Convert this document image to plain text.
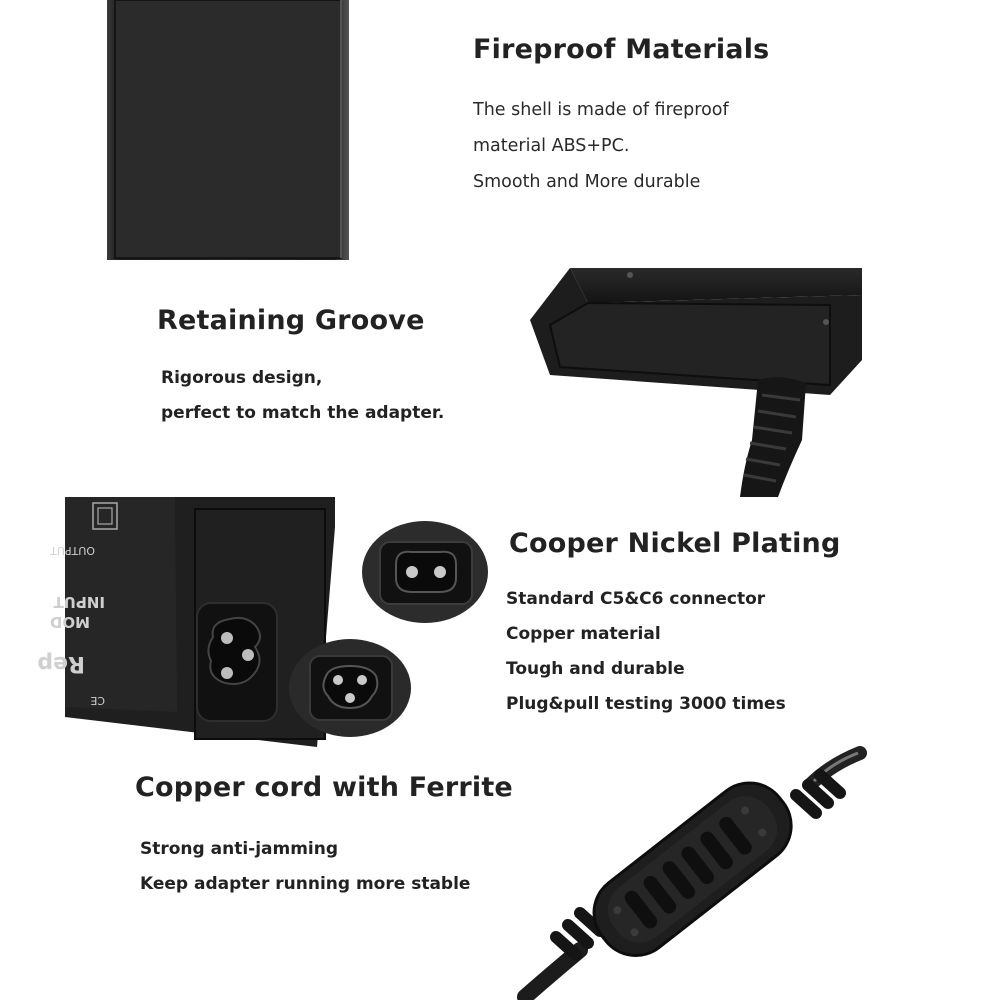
Fireproof Materials
The shell is made of fireproof
material ABS+PC.
Smooth and More durable
Retaining Groove
Rigorous design,
perfect to match the adapter.
OUTPUT
INPUT
MOD
Rep
CE
Cooper Nickel Plating
Standard C5&C6 connector
Copper material
Tough and durable
Plug&pull testing 3000 times
Copper cord with Ferrite
Strong anti-jamming
Keep adapter running more stable
